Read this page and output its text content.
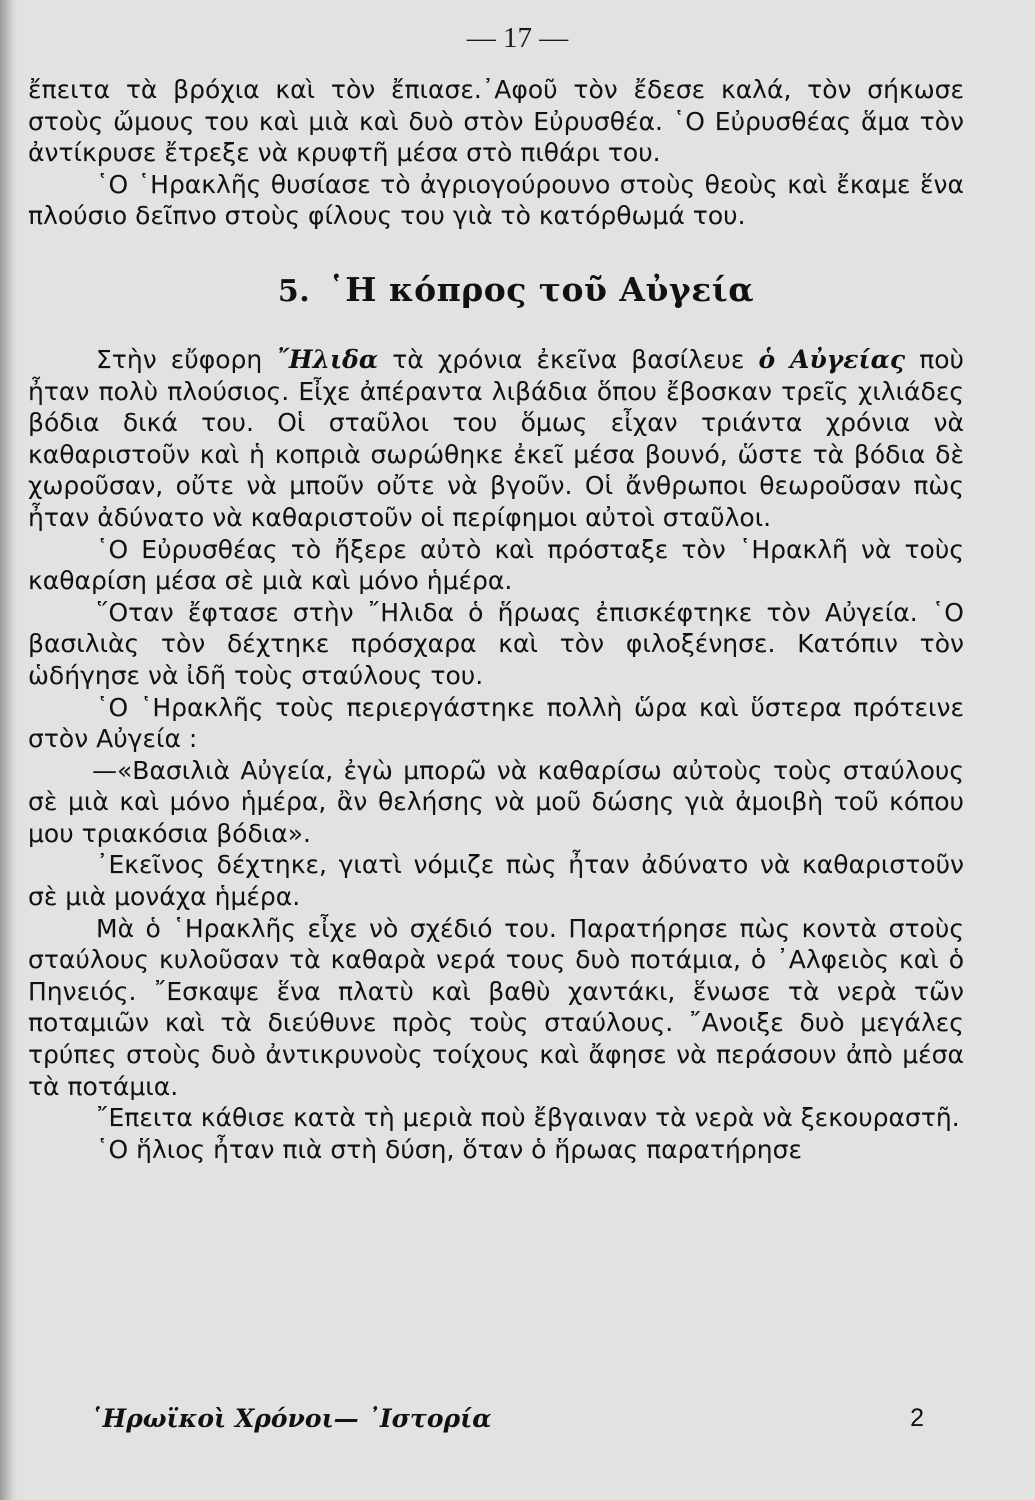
— 17 —

ἔπειτα τὰ βρόχια καὶ τὸν ἔπιασε.᾿Αφοῦ τὸν ἔδεσε καλά, τὸν σήκωσε στοὺς ὤμους του καὶ μιὰ καὶ δυὸ στὸν Εὐρυσθέα. ῾Ο Εὐρυσθέας ἅμα τὸν ἀντίκρυσε ἔτρεξε νὰ κρυφτῆ μέσα στὸ πιθάρι του.

῾Ο ῾Ηρακλῆς θυσίασε τὸ ἀγριογούρουνο στοὺς θεοὺς καὶ ἔκαμε ἕνα πλούσιο δεῖπνο στοὺς φίλους του γιὰ τὸ κατόρθωμά του.

5. ῾Η κόπρος τοῦ Αὐγεία

Στὴν εὔφορη ῎Ηλιδα τὰ χρόνια ἐκεῖνα βασίλευε ὁ Αὐγείας ποὺ ἦταν πολὺ πλούσιος. Εἶχε ἀπέραντα λιβάδια ὅπου ἔβοσκαν τρεῖς χιλιάδες βόδια δικά του. Οἱ σταῦλοι του ὅμως εἶχαν τριάντα χρόνια νὰ καθαριστοῦν καὶ ἡ κοπριὰ σωρώθηκε ἐκεῖ μέσα βουνό, ὥστε τὰ βόδια δὲ χωροῦσαν, οὔτε νὰ μποῦν οὔτε νὰ βγοῦν. Οἱ ἄνθρωποι θεωροῦσαν πὼς ἦταν ἀδύνατο νὰ καθαριστοῦν οἱ περίφημοι αὐτοὶ σταῦλοι.

῾Ο Εὐρυσθέας τὸ ἤξερε αὐτὸ καὶ πρόσταξε τὸν ῾Ηρακλῆ νὰ τοὺς καθαρίση μέσα σὲ μιὰ καὶ μόνο ἡμέρα.

῞Οταν ἔφτασε στὴν ῎Ηλιδα ὁ ἥρωας ἐπισκέφτηκε τὸν Αὐγεία. ῾Ο βασιλιὰς τὸν δέχτηκε πρόσχαρα καὶ τὸν φιλοξένησε. Κατόπιν τὸν ὡδήγησε νὰ ἰδῆ τοὺς σταύλους του.

῾Ο ῾Ηρακλῆς τοὺς περιεργάστηκε πολλὴ ὥρα καὶ ὕστερα πρότεινε στὸν Αὐγεία :

—«Βασιλιὰ Αὐγεία, ἐγὼ μπορῶ νὰ καθαρίσω αὐτοὺς τοὺς σταύλους σὲ μιὰ καὶ μόνο ἡμέρα, ἂν θελήσης νὰ μοῦ δώσης γιὰ ἀμοιβὴ τοῦ κόπου μου τριακόσια βόδια».

᾿Εκεῖνος δέχτηκε, γιατὶ νόμιζε πὼς ἦταν ἀδύνατο νὰ καθαριστοῦν σὲ μιὰ μονάχα ἡμέρα.

Μὰ ὁ ῾Ηρακλῆς εἶχε νὸ σχέδιό του. Παρατήρησε πὼς κοντὰ στοὺς σταύλους κυλοῦσαν τὰ καθαρὰ νερά τους δυὸ ποτάμια, ὁ ᾿Αλφειὸς καὶ ὁ Πηνειός. ῎Εσκαψε ἕνα πλατὺ καὶ βαθὺ χαντάκι, ἕνωσε τὰ νερὰ τῶν ποταμιῶν καὶ τὰ διεύθυνε πρὸς τοὺς σταύλους. ῎Ανοιξε δυὸ μεγάλες τρύπες στοὺς δυὸ ἀντικρυνοὺς τοίχους καὶ ἄφησε νὰ περάσουν ἀπὸ μέσα τὰ ποτάμια.

῎Επειτα κάθισε κατὰ τὴ μεριὰ ποὺ ἔβγαιναν τὰ νερὰ νὰ ξεκουραστῆ.

῾Ο ἥλιος ἦταν πιὰ στὴ δύση, ὅταν ὁ ἥρωας παρατήρησε

῾Ηρωϊκοὶ Χρόνοι— ᾿Ιστορία	2
